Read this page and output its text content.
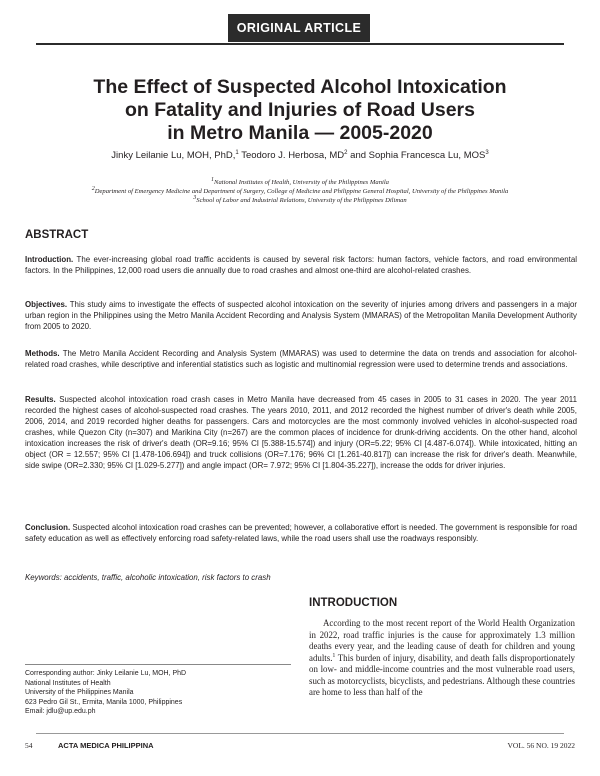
ORIGINAL ARTICLE
The Effect of Suspected Alcohol Intoxication
on Fatality and Injuries of Road Users
in Metro Manila — 2005-2020
Jinky Leilanie Lu, MOH, PhD,$^1$ Teodoro J. Herbosa, $MD^2$ and Sophia Francesca Lu, MOS$^3$
$^1$National Institutes of Health, University of the Philippines Manila
$^2$Department of Emergency Medicine and Department of Surgery, College of Medicine and Philippine General Hospital, University of the Philippines Manila
$^3$School of Labor and Industrial Relations, University of the Philippines Diliman
ABSTRACT
Introduction. The ever-increasing global road traffic accidents is caused by several risk factors: human factors, vehicle factors, and road environmental factors. In the Philippines, 12,000 road users die annually due to road crashes and almost one-third are alcohol-related crashes.
Objectives. This study aims to investigate the effects of suspected alcohol intoxication on the severity of injuries among drivers and passengers in a major urban region in the Philippines using the Metro Manila Accident Recording and Analysis System (MMARAS) of the Metropolitan Manila Development Authority from 2005 to 2020.
Methods. The Metro Manila Accident Recording and Analysis System (MMARAS) was used to determine the data on trends and association for alcohol-related road crashes, while descriptive and inferential statistics such as logistic and multinomial regression were used to determine trends and associations.
Results. Suspected alcohol intoxication road crash cases in Metro Manila have decreased from 45 cases in 2005 to 31 cases in 2020. The year 2011 recorded the highest cases of alcohol-suspected road crashes. The years 2010, 2011, and 2012 recorded the highest number of driver's death while 2005, 2006, 2014, and 2019 recorded higher deaths for passengers. Cars and motorcycles are the most commonly involved vehicles in alcohol-suspected road crashes, while Quezon City (n=307) and Marikina City (n=267) are the common places of incidence for drunk-driving accidents. On the other hand, alcohol intoxication increases the risk of driver's death (OR=9.16; 95% CI [5.388-15.574]) and injury (OR=5.22; 95% CI [4.487-6.074]). While intoxicated, hitting an object (OR = 12.557; 95% CI [1.478-106.694]) and truck collisions (OR=7.176; 96% CI [1.261-40.817]) can increase the risk for driver's death. Meanwhile, side swipe (OR=2.330; 95% CI [1.029-5.277]) and angle impact (OR= 7.972; 95% CI [1.804-35.227]), increase the odds for driver injuries.
Conclusion. Suspected alcohol intoxication road crashes can be prevented; however, a collaborative effort is needed. The government is responsible for road safety education as well as effectively enforcing road safety-related laws, while the road users shall use the roadways responsibly.
Keywords: accidents, traffic, alcoholic intoxication, risk factors to crash
INTRODUCTION
According to the most recent report of the World Health Organization in 2022, road traffic injuries is the cause for approximately 1.3 million deaths every year, and the leading cause of death for children and young adults.$^1$ This burden of injury, disability, and death falls disproportionately on low- and middle-income countries and the most vulnerable road users, such as motorcyclists, bicyclists, and pedestrians. Although these countries are home to less than half of the
Corresponding author: Jinky Leilanie Lu, MOH, PhD
National Institutes of Health
University of the Philippines Manila
623 Pedro Gil St., Ermita, Manila 1000, Philippines
Email: jdlu@up.edu.ph
54	ACTA MEDICA PHILIPPINA	VOL. 56 NO. 19 2022
